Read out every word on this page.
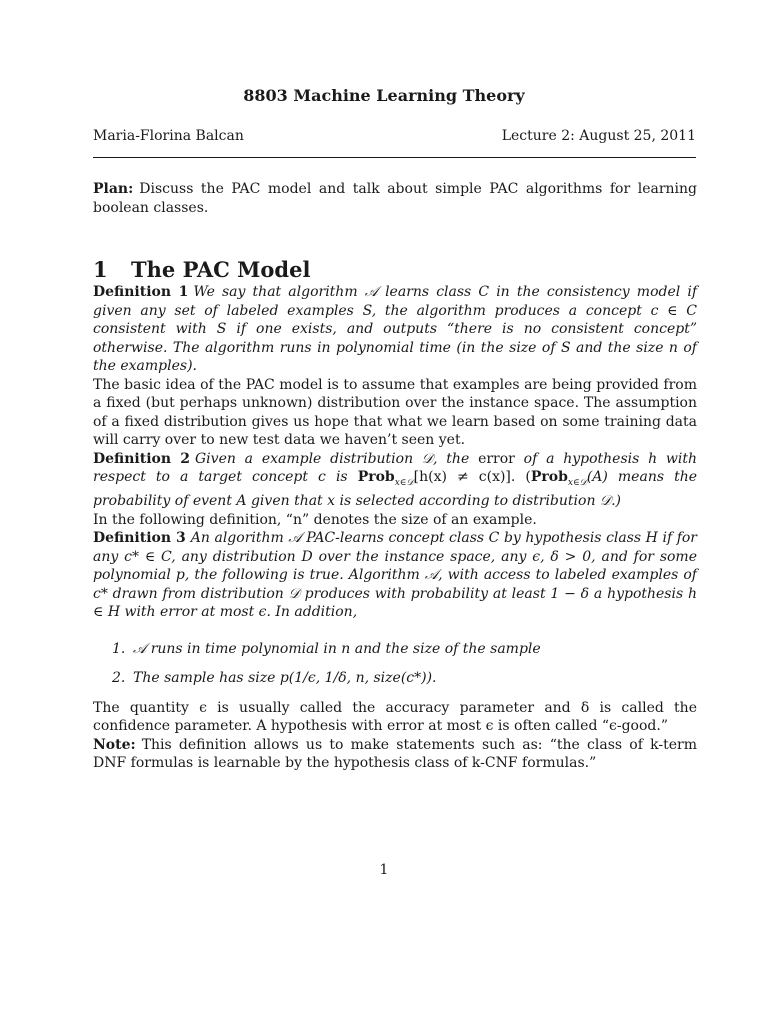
8803 Machine Learning Theory
Maria-Florina Balcan	Lecture 2: August 25, 2011

Plan: Discuss the PAC model and talk about simple PAC algorithms for learning boolean classes.

1 The PAC Model

Definition 1 We say that algorithm 𝒜 learns class C in the consistency model if given any set of labeled examples S, the algorithm produces a concept c ∈ C consistent with S if one exists, and outputs “there is no consistent concept” otherwise. The algorithm runs in polynomial time (in the size of S and the size n of the examples).

The basic idea of the PAC model is to assume that examples are being provided from a fixed (but perhaps unknown) distribution over the instance space. The assumption of a fixed distribution gives us hope that what we learn based on some training data will carry over to new test data we haven’t seen yet.

Definition 2 Given a example distribution 𝒟, the error of a hypothesis h with respect to a target concept c is Prob$_{x\in 𝒟}$[h(x) ≠ c(x)]. (Prob$_{x\in 𝒟}$(A) means the probability of event A given that x is selected according to distribution 𝒟.)

In the following definition, “n” denotes the size of an example.

Definition 3 An algorithm 𝒜 PAC-learns concept class C by hypothesis class H if for any c* ∈ C, any distribution D over the instance space, any ϵ, δ > 0, and for some polynomial p, the following is true. Algorithm 𝒜, with access to labeled examples of c* drawn from distribution 𝒟 produces with probability at least 1 − δ a hypothesis h ∈ H with error at most ϵ. In addition,

1. 𝒜 runs in time polynomial in n and the size of the sample
2. The sample has size p(1/ϵ, 1/δ, n, size(c*)).

The quantity ϵ is usually called the accuracy parameter and δ is called the confidence parameter. A hypothesis with error at most ϵ is often called “ϵ-good.”

Note: This definition allows us to make statements such as: “the class of k-term DNF formulas is learnable by the hypothesis class of k-CNF formulas.”

1
